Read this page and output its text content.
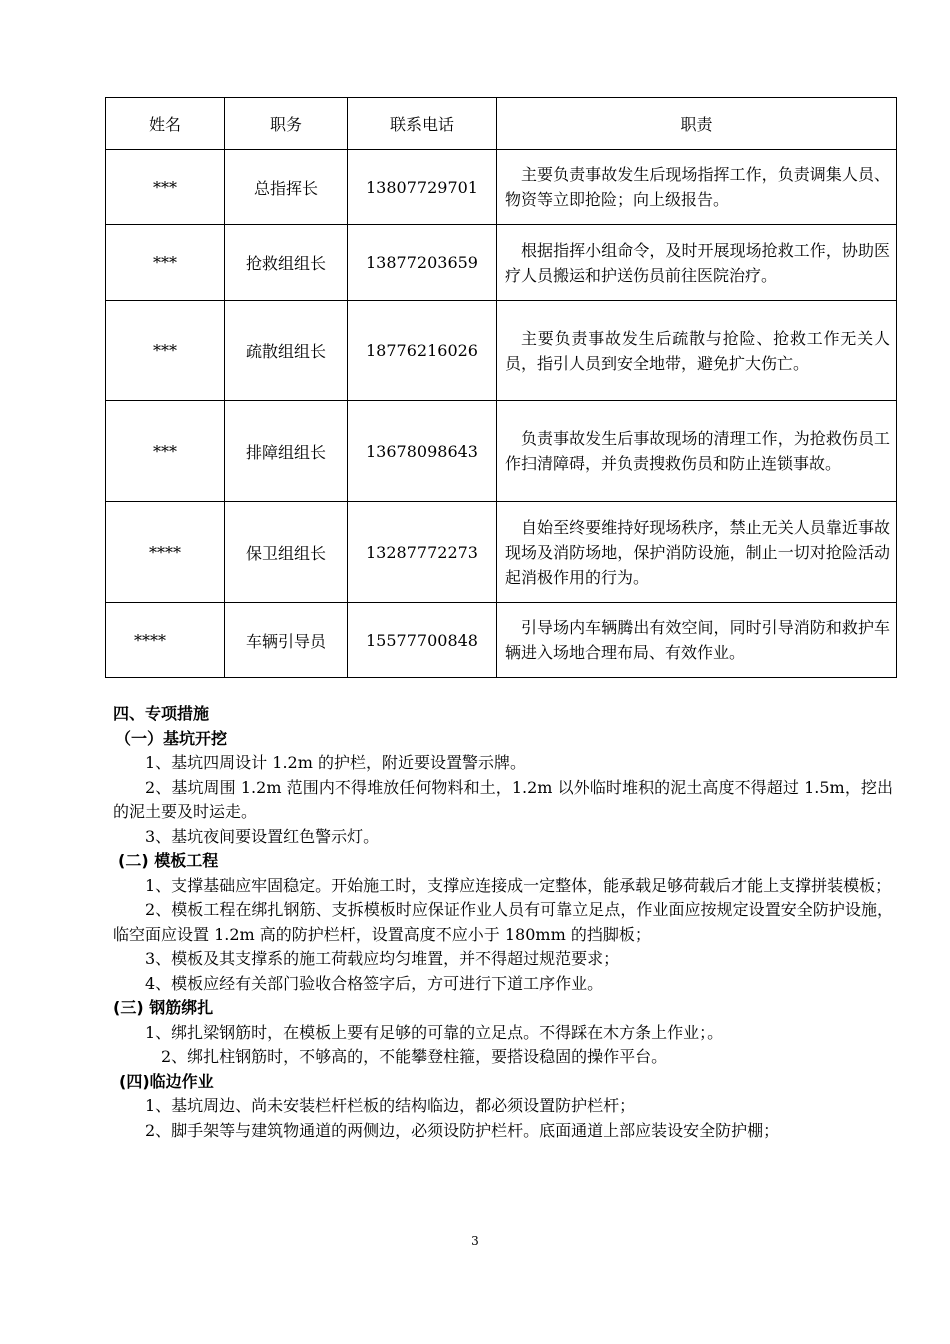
姓名	职务	联系电话	职责
***	总指挥长	13807729701	主要负责事故发生后现场指挥工作，负责调集人员、物资等立即抢险；向上级报告。

***	抢救组组长	13877203659	根据指挥小组命令，及时开展现场抢救工作，协助医疗人员搬运和护送伤员前往医院治疗。

***	疏散组组长	18776216026	主要负责事故发生后疏散与抢险、抢救工作无关人员，指引人员到安全地带，避免扩大伤亡。

***	排障组组长	13678098643	负责事故发生后事故现场的清理工作，为抢救伤员工作扫清障碍，并负责搜救伤员和防止连锁事故。

****	保卫组组长	13287772273	自始至终要维持好现场秩序，禁止无关人员靠近事故现场及消防场地，保护消防设施，制止一切对抢险活动起消极作用的行为。

****	车辆引导员	15577700848	引导场内车辆腾出有效空间，同时引导消防和救护车辆进入场地合理布局、有效作业。
四、专项措施
（一）基坑开挖

1、基坑四周设计 1.2m 的护栏，附近要设置警示牌。

2、基坑周围 1.2m 范围内不得堆放任何物料和土，1.2m 以外临时堆积的泥土高度不得超过 1.5m，挖出的泥土要及时运走。

3、基坑夜间要设置红色警示灯。

(二) 模板工程

1、支撑基础应牢固稳定。开始施工时，支撑应连接成一定整体，能承载足够荷载后才能上支撑拼装模板；

2、模板工程在绑扎钢筋、支拆模板时应保证作业人员有可靠立足点，作业面应按规定设置安全防护设施，临空面应设置 1.2m 高的防护栏杆，设置高度不应小于 180mm 的挡脚板；

3、模板及其支撑系的施工荷载应均匀堆置，并不得超过规范要求；

4、模板应经有关部门验收合格签字后，方可进行下道工序作业。

(三) 钢筋绑扎

1、绑扎梁钢筋时，在模板上要有足够的可靠的立足点。不得踩在木方条上作业；。

2、绑扎柱钢筋时，不够高的，不能攀登柱箍，要搭设稳固的操作平台。

(四)临边作业

1、基坑周边、尚未安装栏杆栏板的结构临边，都必须设置防护栏杆；

2、脚手架等与建筑物通道的两侧边，必须设防护栏杆。底面通道上部应装设安全防护棚；

3
